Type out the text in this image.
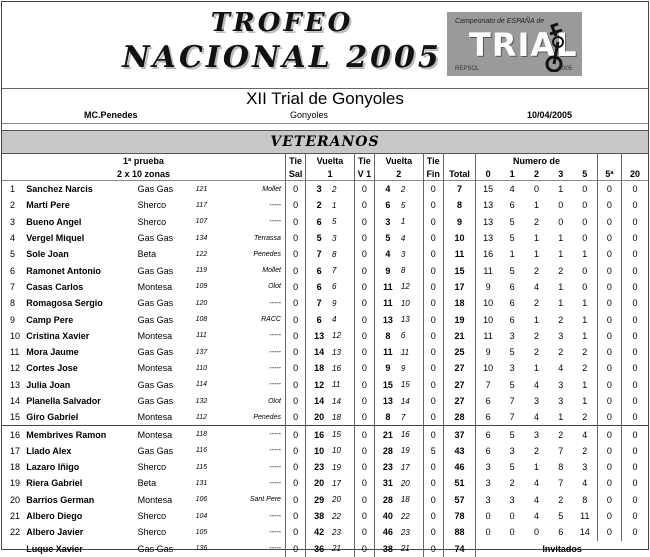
TROFEO
NACIONAL 2005
Campeonato de ESPAÑA de
TRIAL
REPSOL	2005
XII Trial de Gonyoles
MC.Penedes	Gonyoles	10/04/2005
VETERANOS
1ª prueba					Tie	Vuelta		Tie	Vuelta		Tie		Numero de						
2 x 10 zonas					Sal	1		V 1	2		Fin	Total	0	1	2	3	5	5ª	20
1	Sanchez Narcis	Gas Gas	121	Mollet	0	3	2	0	4	2	0	7	15	4	0	1	0	0	0
2	Marti Pere	Sherco	117	-----	0	2	1	0	6	5	0	8	13	6	1	0	0	0	0
3	Bueno Angel	Sherco	107	-----	0	6	5	0	3	1	0	9	13	5	2	0	0	0	0
4	Vergel Miquel	Gas Gas	134	Terrassa	0	5	3	0	5	4	0	10	13	5	1	1	0	0	0
5	Sole Joan	Beta	122	Penedes	0	7	8	0	4	3	0	11	16	1	1	1	1	0	0
6	Ramonet Antonio	Gas Gas	119	Mollet	0	6	7	0	9	8	0	15	11	5	2	2	0	0	0
7	Casas Carlos	Montesa	109	Olot	0	6	6	0	11	12	0	17	9	6	4	1	0	0	0
8	Romagosa Sergio	Gas Gas	120	-----	0	7	9	0	11	10	0	18	10	6	2	1	1	0	0
9	Camp Pere	Gas Gas	108	RACC	0	6	4	0	13	13	0	19	10	6	1	2	1	0	0
10	Cristina Xavier	Montesa	111	-----	0	13	12	0	8	6	0	21	11	3	2	3	1	0	0
11	Mora Jaume	Gas Gas	137	-----	0	14	13	0	11	11	0	25	9	5	2	2	2	0	0
12	Cortes Jose	Montesa	110	-----	0	18	16	0	9	9	0	27	10	3	1	4	2	0	0
13	Julia Joan	Gas Gas	114	-----	0	12	11	0	15	15	0	27	7	5	4	3	1	0	0
14	Planella Salvador	Gas Gas	132	Olot	0	14	14	0	13	14	0	27	6	7	3	3	1	0	0
15	Giro Gabriel	Montesa	112	Penedes	0	20	18	0	8	7	0	28	6	7	4	1	2	0	0
16	Membrives Ramon	Montesa	118	-----	0	16	15	0	21	16	0	37	6	5	3	2	4	0	0
17	Llado Alex	Gas Gas	116	-----	0	10	10	0	28	19	5	43	6	3	2	7	2	0	0
18	Lazaro Iñigo	Sherco	115	-----	0	23	19	0	23	17	0	46	3	5	1	8	3	0	0
19	Riera Gabriel	Beta	131	-----	0	20	17	0	31	20	0	51	3	2	4	7	4	0	0
20	Barrios German	Montesa	106	Sant Pere	0	29	20	0	28	18	0	57	3	3	4	2	8	0	0
21	Albero Diego	Sherco	104	-----	0	38	22	0	40	22	0	78	0	0	4	5	11	0	0
22	Albero Javier	Sherco	105	-----	0	42	23	0	46	23	0	88	0	0	0	6	14	0	0
	Luque Xavier	Gas Gas	136	-----	0	36	21	0	38	21	0	74	Invitados						
